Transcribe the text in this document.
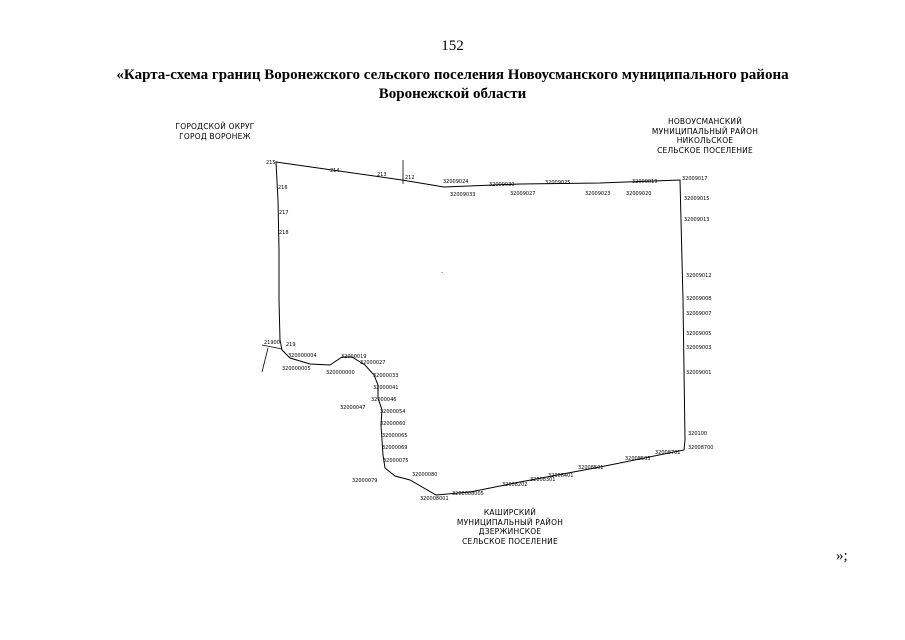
152
«Карта-схема границ Воронежского сельского поселения Новоусманского муниципального района
Воронежской области
ГОРОДСКОЙ ОКРУГ
ГОРОД ВОРОНЕЖ
НОВОУСМАНСКИЙ
МУНИЦИПАЛЬНЫЙ РАЙОН
НИКОЛЬСКОЕ
СЕЛЬСКОЕ ПОСЕЛЕНИЕ
КАШИРСКИЙ
МУНИЦИПАЛЬНЫЙ РАЙОН
ДЗЕРЖИНСКОЕ
СЕЛЬСКОЕ ПОСЕЛЕНИЕ
·
215
214
213	212
32009024
32009033
32009030
32009027
32009025
32009023
32009019
32009020
32009017
32009015
32009013
32009012
32009008
32009007
32009005
32009003
32009001
320100
32008700
32008701
32008503
32008501
32008401
32008301
32008202
3200008005
320008001
216
217
218
219
21900
320000004
320000005
32000019
320000000
32000027
32000033
32000041
32000046
32000047
32000054
32000060
32000065
32000069
32000075
32000079
32000080
»;
